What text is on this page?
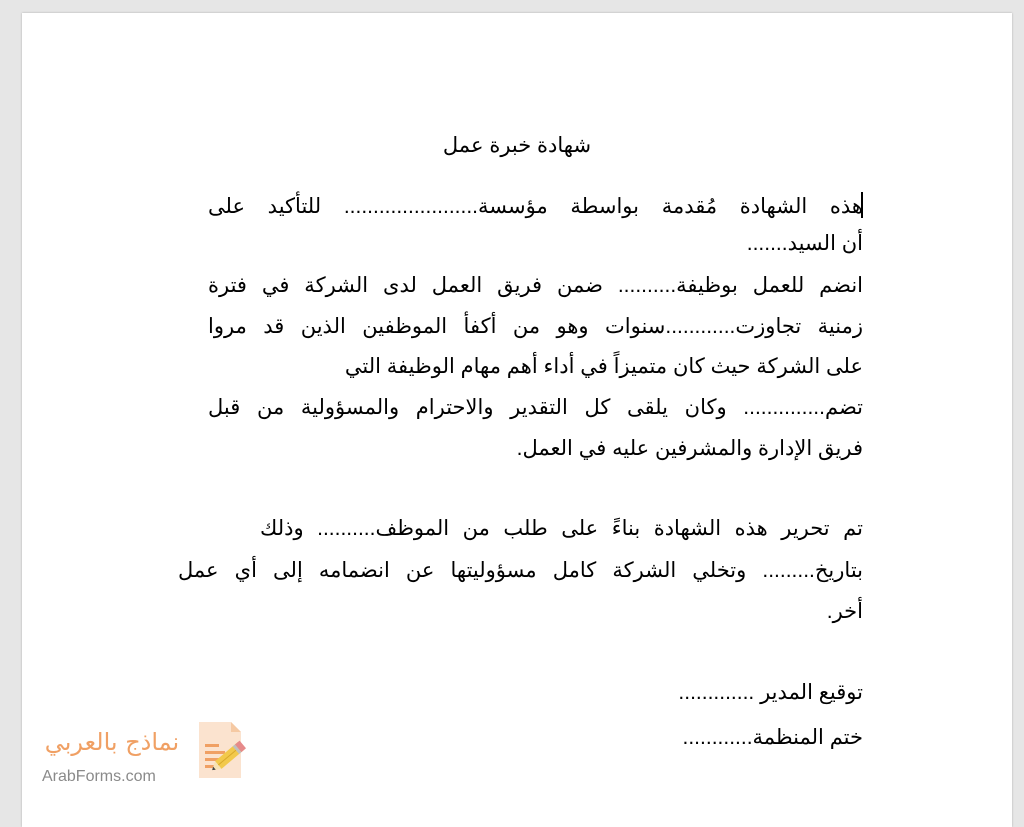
شهادة خبرة عمل
هذه الشهادة مُقدمة بواسطة مؤسسة....................... للتأكيد على
أن السيد.......
انضم للعمل بوظيفة.......... ضمن فريق العمل لدى الشركة في فترة
زمنية تجاوزت............سنوات وهو من أكفأ الموظفين الذين قد مروا
على الشركة حيث كان متميزاً في أداء أهم مهام الوظيفة التي
تضم.............. وكان يلقى كل التقدير والاحترام والمسؤولية من قبل
فريق الإدارة والمشرفين عليه في العمل.
تم تحرير هذه الشهادة بناءً على طلب من الموظف.......... وذلك
بتاريخ......... وتخلي الشركة كامل مسؤوليتها عن انضمامه إلى أي عمل
أخر.
توقيع المدير .............
ختم المنظمة............
نماذج بالعربي
ArabForms.com
